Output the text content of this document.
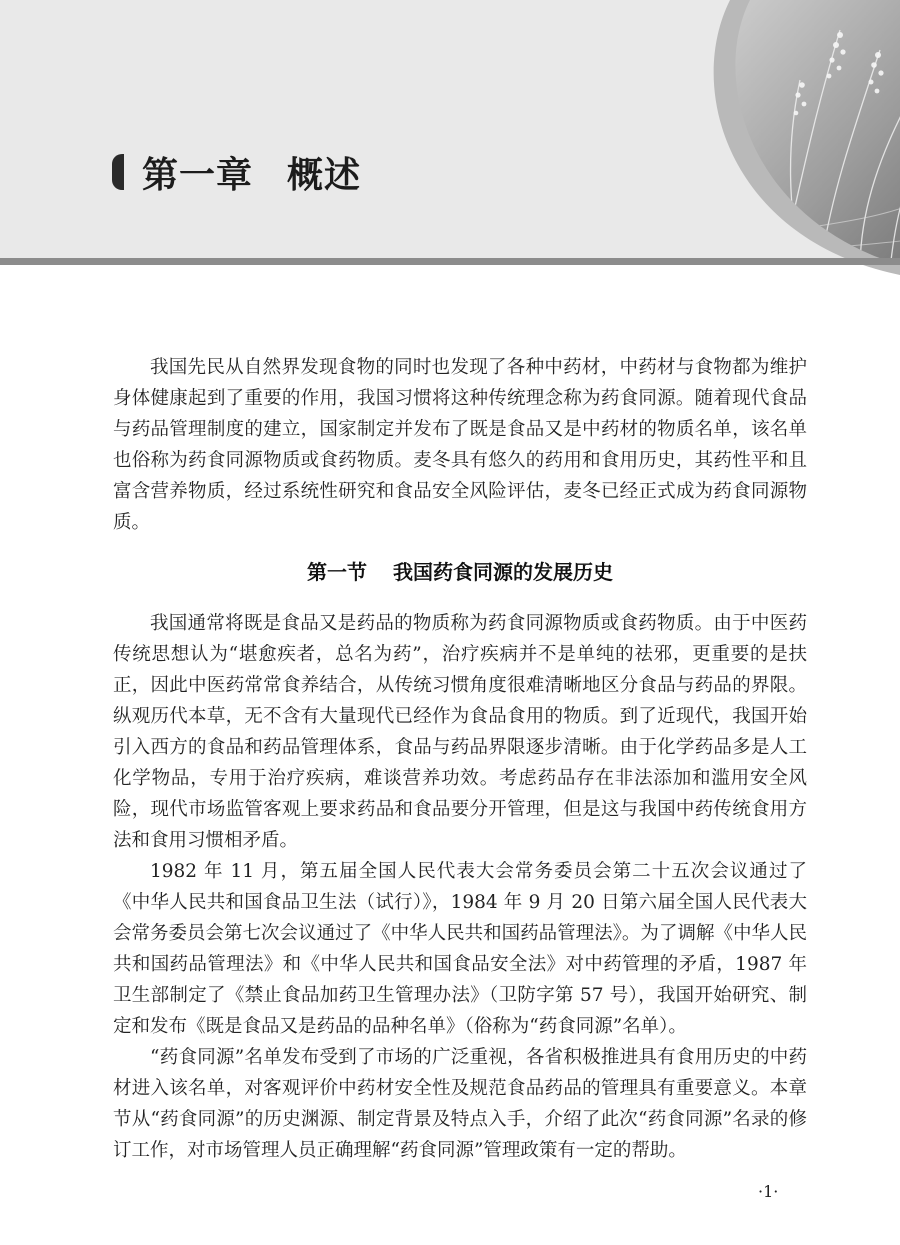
第一章 概述

我国先民从自然界发现食物的同时也发现了各种中药材，中药材与食物都为维护身体健康起到了重要的作用，我国习惯将这种传统理念称为药食同源。随着现代食品与药品管理制度的建立，国家制定并发布了既是食品又是中药材的物质名单，该名单也俗称为药食同源物质或食药物质。麦冬具有悠久的药用和食用历史，其药性平和且富含营养物质，经过系统性研究和食品安全风险评估，麦冬已经正式成为药食同源物质。

第一节 我国药食同源的发展历史

我国通常将既是食品又是药品的物质称为药食同源物质或食药物质。由于中医药传统思想认为“堪愈疾者，总名为药”，治疗疾病并不是单纯的祛邪，更重要的是扶正，因此中医药常常食养结合，从传统习惯角度很难清晰地区分食品与药品的界限。纵观历代本草，无不含有大量现代已经作为食品食用的物质。到了近现代，我国开始引入西方的食品和药品管理体系，食品与药品界限逐步清晰。由于化学药品多是人工化学物品，专用于治疗疾病，难谈营养功效。考虑药品存在非法添加和滥用安全风险，现代市场监管客观上要求药品和食品要分开管理，但是这与我国中药传统食用方法和食用习惯相矛盾。

1982 年 11 月，第五届全国人民代表大会常务委员会第二十五次会议通过了《中华人民共和国食品卫生法（试行）》，1984 年 9 月 20 日第六届全国人民代表大会常务委员会第七次会议通过了《中华人民共和国药品管理法》。为了调解《中华人民共和国药品管理法》和《中华人民共和国食品安全法》对中药管理的矛盾，1987 年卫生部制定了《禁止食品加药卫生管理办法》（卫防字第 57 号），我国开始研究、制定和发布《既是食品又是药品的品种名单》（俗称为“药食同源”名单）。

“药食同源”名单发布受到了市场的广泛重视，各省积极推进具有食用历史的中药材进入该名单，对客观评价中药材安全性及规范食品药品的管理具有重要意义。本章节从“药食同源”的历史渊源、制定背景及特点入手，介绍了此次“药食同源”名录的修订工作，对市场管理人员正确理解“药食同源”管理政策有一定的帮助。

·1·
